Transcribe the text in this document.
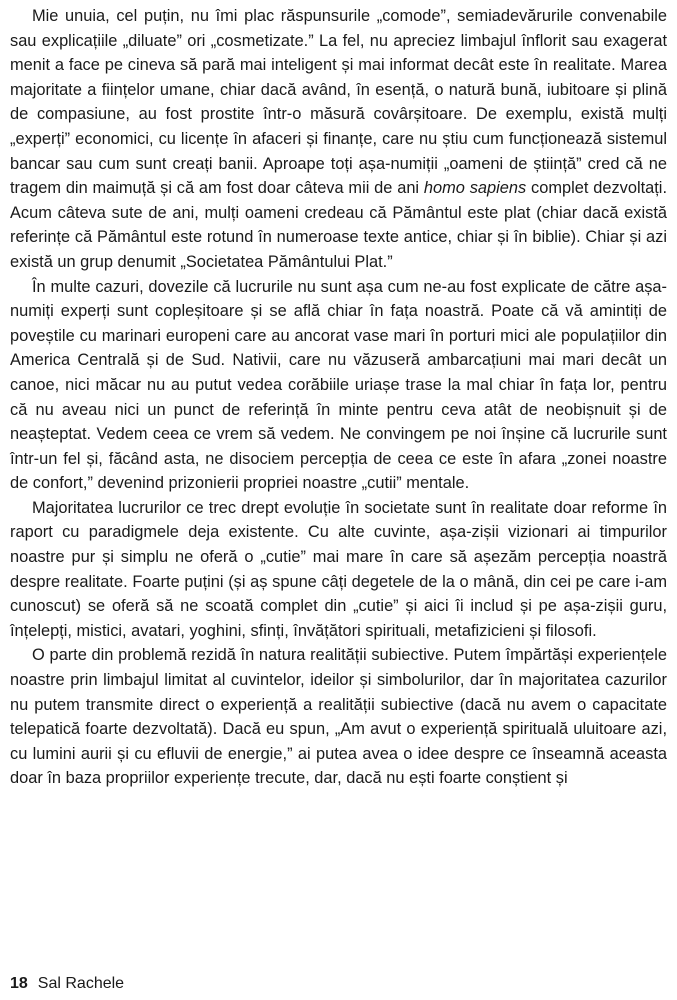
Mie unuia, cel puțin, nu îmi plac răspunsurile „comode”, semiadevărurile convenabile sau explicațiile „diluate” ori „cosmetizate.” La fel, nu apreciez limbajul înflorit sau exagerat menit a face pe cineva să pară mai inteligent și mai informat decât este în realitate. Marea majoritate a ființelor umane, chiar dacă având, în esență, o natură bună, iubitoare și plină de compasiune, au fost prostite într-o măsură covârșitoare. De exemplu, există mulți „experți” economici, cu licențe în afaceri și finanțe, care nu știu cum funcționează sistemul bancar sau cum sunt creați banii. Aproape toți așa-numiții „oameni de știință” cred că ne tragem din maimuță și că am fost doar câteva mii de ani homo sapiens complet dezvoltați. Acum câteva sute de ani, mulți oameni credeau că Pământul este plat (chiar dacă există referințe că Pământul este rotund în numeroase texte antice, chiar și în biblie). Chiar și azi există un grup denumit „Societatea Pământului Plat.”

În multe cazuri, dovezile că lucrurile nu sunt așa cum ne-au fost explicate de către așa-numiți experți sunt copleșitoare și se află chiar în fața noastră. Poate că vă amintiți de poveștile cu marinari europeni care au ancorat vase mari în porturi mici ale populațiilor din America Centrală și de Sud. Nativii, care nu văzuseră ambarcațiuni mai mari decât un canoe, nici măcar nu au putut vedea corăbiile uriașe trase la mal chiar în fața lor, pentru că nu aveau nici un punct de referință în minte pentru ceva atât de neobișnuit și de neașteptat. Vedem ceea ce vrem să vedem. Ne convingem pe noi înșine că lucrurile sunt într-un fel și, făcând asta, ne disociem percepția de ceea ce este în afara „zonei noastre de confort,” devenind prizonierii propriei noastre „cutii” mentale.

Majoritatea lucrurilor ce trec drept evoluție în societate sunt în realitate doar reforme în raport cu paradigmele deja existente. Cu alte cuvinte, așa-zișii vizionari ai timpurilor noastre pur și simplu ne oferă o „cutie” mai mare în care să așezăm percepția noastră despre realitate. Foarte puțini (și aș spune câți degetele de la o mână, din cei pe care i-am cunoscut) se oferă să ne scoată complet din „cutie” și aici îi includ și pe așa-zișii guru, înțelepți, mistici, avatari, yoghini, sfinți, învățători spirituali, metafizicieni și filosofi.

O parte din problemă rezidă în natura realității subiective. Putem împărtăși experiențele noastre prin limbajul limitat al cuvintelor, ideilor și simbolurilor, dar în majoritatea cazurilor nu putem transmite direct o experiență a realității subiective (dacă nu avem o capacitate telepatică foarte dezvoltată). Dacă eu spun, „Am avut o experiență spirituală uluitoare azi, cu lumini aurii și cu efluvii de energie,” ai putea avea o idee despre ce înseamnă aceasta doar în baza propriilor experiențe trecute, dar, dacă nu ești foarte conștient și

18 Sal Rachele
